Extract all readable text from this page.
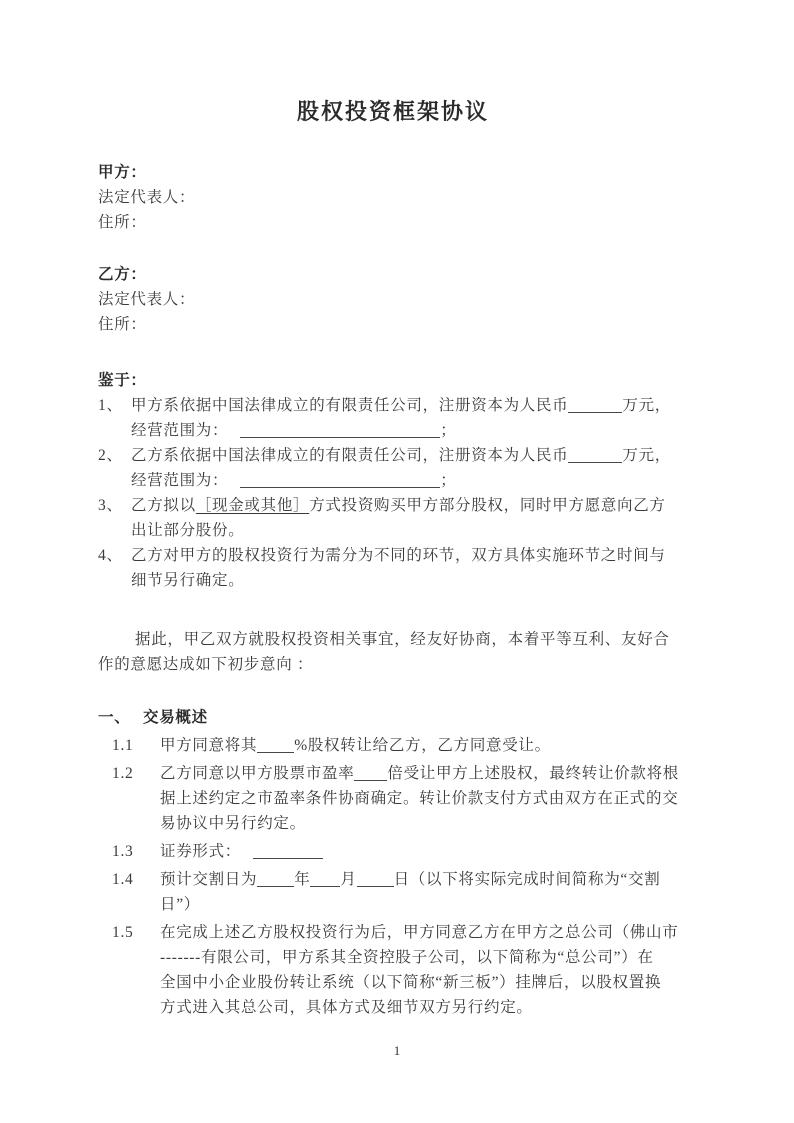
股权投资框架协议

甲方：

法定代表人：

住所：

乙方：

法定代表人：

住所：

鉴于：

1、 甲方系依据中国法律成立的有限责任公司，注册资本为人民币	万元，
经营范围为：	；
2、 乙方系依据中国法律成立的有限责任公司，注册资本为人民币	万元，
经营范围为：	；
3、 乙方拟以［现金或其他］方式投资购买甲方部分股权，同时甲方愿意向乙方
出让部分股份。
4、 乙方对甲方的股权投资行为需分为不同的环节，双方具体实施环节之时间与
细节另行确定。

据此，甲乙双方就股权投资相关事宜，经友好协商，本着平等互利、友好合
作的意愿达成如下初步意向 ：

一、 交易概述
1.1	甲方同意将其 %股权转让给乙方，乙方同意受让。
1.2	乙方同意以甲方股票市盈率 倍受让甲方上述股权，最终转让价款将根
据上述约定之市盈率条件协商确定。转让价款支付方式由双方在正式的交
易协议中另行约定。
1.3	证券形式：
1.4	预计交割日为 年 月 日（以下将实际完成时间简称为“交割
日”）
1.5	在完成上述乙方股权投资行为后，甲方同意乙方在甲方之总公司（佛山市
-------有限公司，甲方系其全资控股子公司，以下简称为“总公司”）在
全国中小企业股份转让系统（以下简称“新三板”）挂牌后，以股权置换
方式进入其总公司，具体方式及细节双方另行约定。
1
